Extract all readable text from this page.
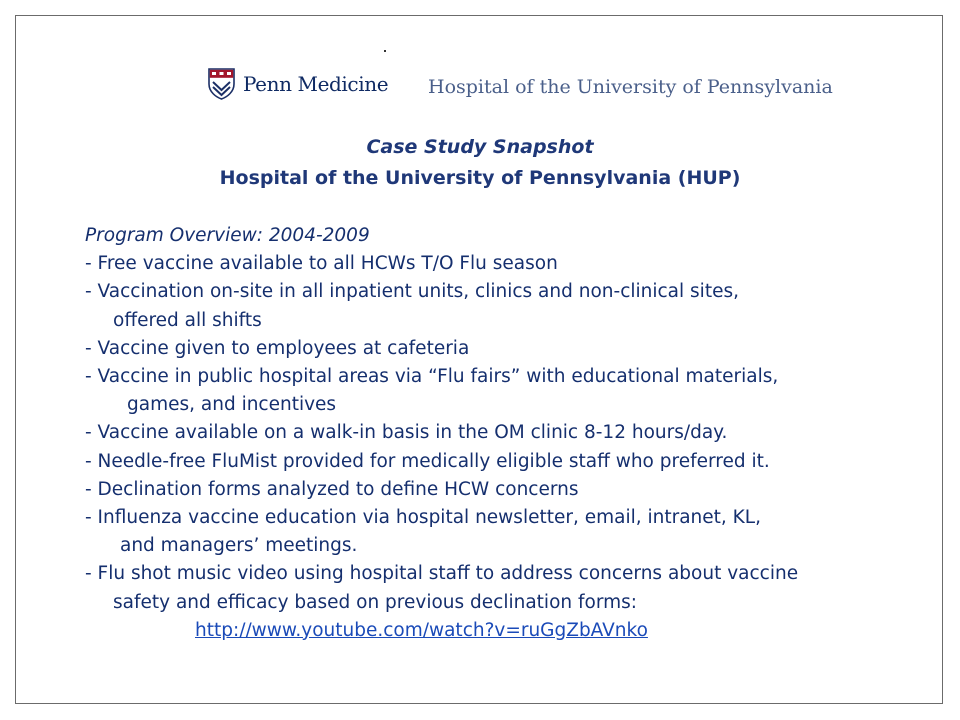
Penn Medicine Hospital of the University of Pennsylvania
Case Study Snapshot
Hospital of the University of Pennsylvania (HUP)
Program Overview: 2004-2009
- Free vaccine available to all HCWs T/O Flu season
- Vaccination on-site in all inpatient units, clinics and non-clinical sites,
offered all shifts
- Vaccine given to employees at cafeteria
- Vaccine in public hospital areas via “Flu fairs” with educational materials,
games, and incentives
- Vaccine available on a walk-in basis in the OM clinic 8-12 hours/day.
- Needle-free FluMist provided for medically eligible staff who preferred it.
- Declination forms analyzed to define HCW concerns
- Influenza vaccine education via hospital newsletter, email, intranet, KL,
and managers’ meetings.
- Flu shot music video using hospital staff to address concerns about vaccine
safety and efficacy based on previous declination forms:
http://www.youtube.com/watch?v=ruGgZbAVnko
